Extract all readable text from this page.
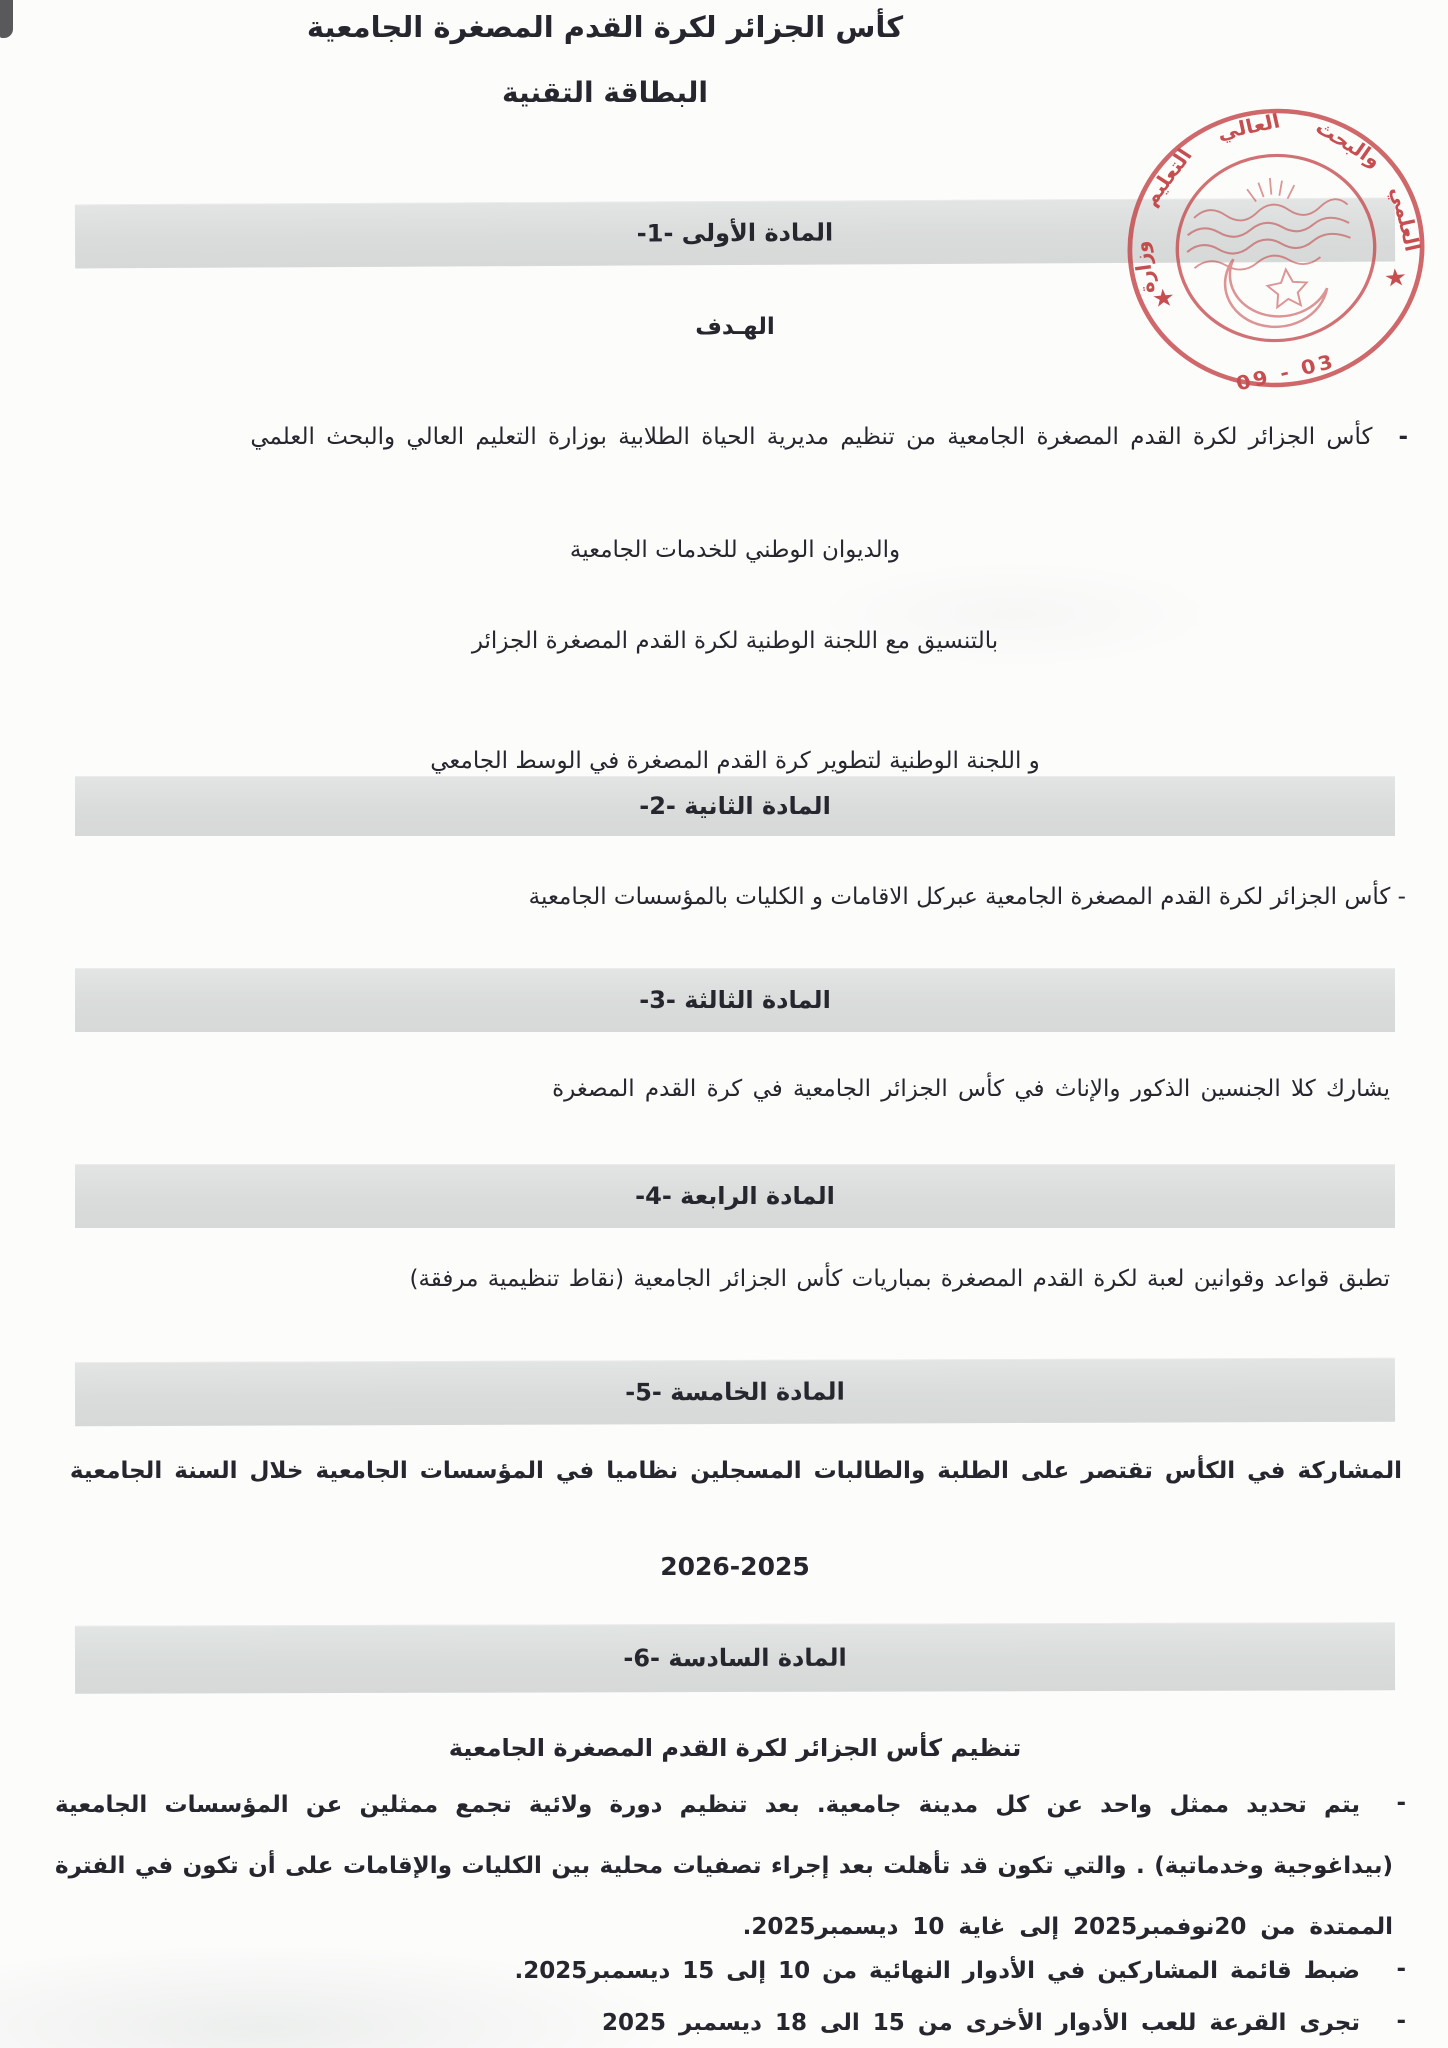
كأس الجزائر لكرة القدم المصغرة الجامعية
البطاقة التقنية
وزارة
التعليم
العالي	والبحث
العلمي
★
★
03 - 09
المادة الأولى -1-
الهـدف
-
كأس الجزائر لكرة القدم المصغرة الجامعية من تنظيم مديرية الحياة الطلابية بوزارة التعليم العالي والبحث العلمي
والديوان الوطني للخدمات الجامعية
بالتنسيق مع اللجنة الوطنية لكرة القدم المصغرة الجزائر
و اللجنة الوطنية لتطوير كرة القدم المصغرة في الوسط الجامعي
المادة الثانية -2-
- كأس الجزائر لكرة القدم المصغرة الجامعية عبركل الاقامات و الكليات بالمؤسسات الجامعية
المادة الثالثة -3-
يشارك كلا الجنسين الذكور والإناث في كأس الجزائر الجامعية في كرة القدم المصغرة
المادة الرابعة -4-
تطبق قواعد وقوانين لعبة لكرة القدم المصغرة بمباريات كأس الجزائر الجامعية (نقاط تنظيمية مرفقة)
المادة الخامسة -5-
المشاركة في الكأس تقتصر على الطلبة والطالبات المسجلين نظاميا في المؤسسات الجامعية خلال السنة الجامعية
2026-2025
المادة السادسة -6-
تنظيم كأس الجزائر لكرة القدم المصغرة الجامعية
-
يتم تحديد ممثل واحد عن كل مدينة جامعية. بعد تنظيم دورة ولائية تجمع ممثلين عن المؤسسات الجامعية
(بيداغوجية وخدماتية) . والتي تكون قد تأهلت بعد إجراء تصفيات محلية بين الكليات والإقامات على أن تكون في الفترة
الممتدة من 20نوفمبر2025 إلى غاية 10 ديسمبر2025.
-
ضبط قائمة المشاركين في الأدوار النهائية من 10 إلى 15 ديسمبر2025.
-
تجرى القرعة للعب الأدوار الأخرى من 15 الى 18 ديسمبر 2025
